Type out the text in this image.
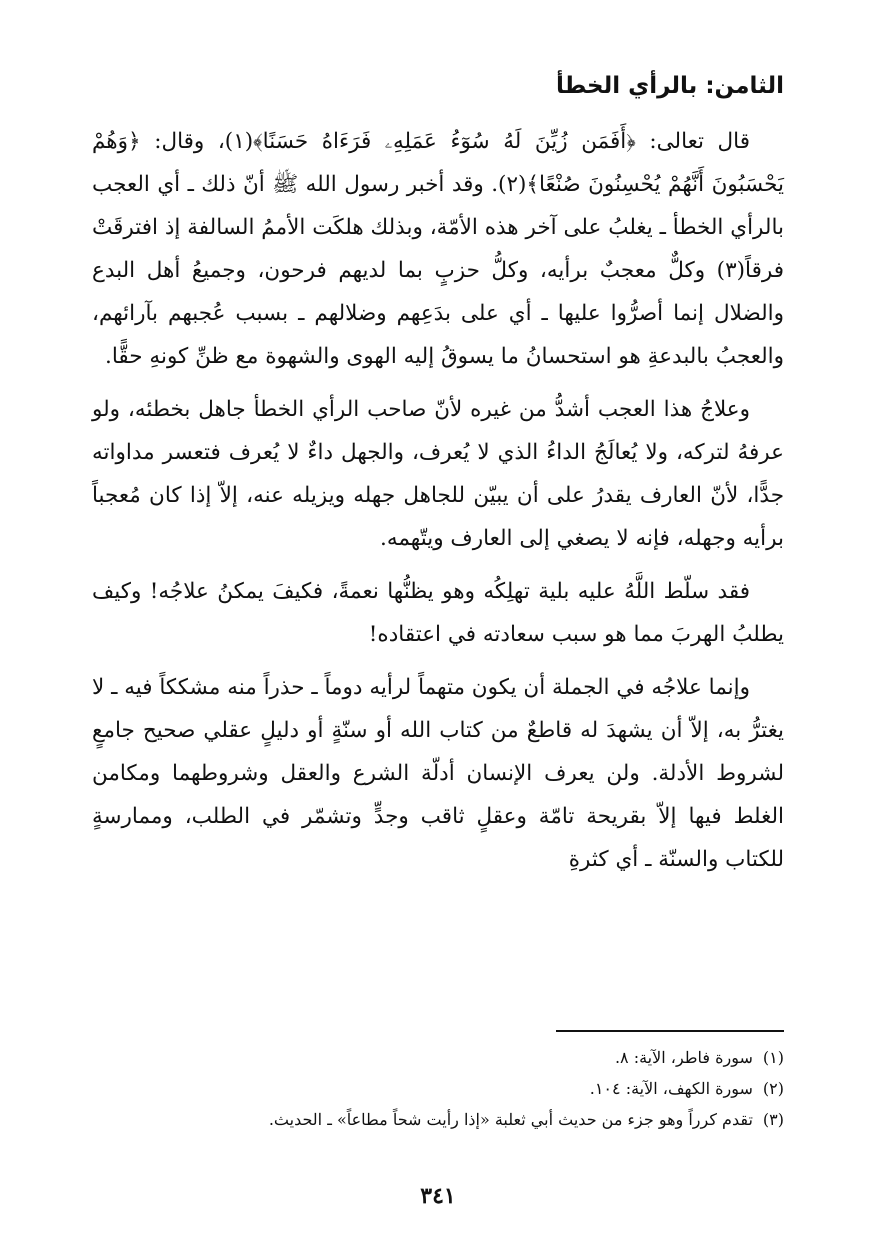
الثامن: بالرأي الخطأ

قال تعالى: ﴿أَفَمَن زُيِّنَ لَهُ سُوٓءُ عَمَلِهِۦ فَرَءَاهُ حَسَنًا﴾(١)، وقال: ﴿وَهُمْ يَحْسَبُونَ أَنَّهُمْ يُحْسِنُونَ صُنْعًا﴾(٢). وقد أخبر رسول الله ﷺ أنّ ذلك ـ أي العجب بالرأي الخطأ ـ يغلبُ على آخر هذه الأمّة، وبذلك هلكَت الأممُ السالفة إذ افترقَتْ فرقاً(٣) وكلٌّ معجبٌ برأيه، وكلُّ حزبٍ بما لديهم فرحون، وجميعُ أهل البدع والضلال إنما أصرُّوا عليها ـ أي على بدَعِهم وضلالهم ـ بسبب عُجبهم بآرائهم، والعجبُ بالبدعةِ هو استحسانُ ما يسوقُ إليه الهوى والشهوة مع ظنِّ كونهِ حقًّا.

وعلاجُ هذا العجب أشدُّ من غيره لأنّ صاحب الرأي الخطأ جاهل بخطئه، ولو عرفهُ لتركه، ولا يُعالَجُ الداءُ الذي لا يُعرف، والجهل داءٌ لا يُعرف فتعسر مداواته جدًّا، لأنّ العارف يقدرُ على أن يبيّن للجاهل جهله ويزيله عنه، إلاّ إذا كان مُعجباً برأيه وجهله، فإنه لا يصغي إلى العارف ويتّهمه.

فقد سلّط اللَّهُ عليه بلية تهلِكُه وهو يظنُّها نعمةً، فكيفَ يمكنُ علاجُه! وكيف يطلبُ الهربَ مما هو سبب سعادته في اعتقاده!

وإنما علاجُه في الجملة أن يكون متهماً لرأيه دوماً ـ حذراً منه مشككاً فيه ـ لا يغترُّ به، إلاّ أن يشهدَ له قاطعٌ من كتاب الله أو سنّةٍ أو دليلٍ عقلي صحيح جامعٍ لشروط الأدلة. ولن يعرف الإنسان أدلّة الشرع والعقل وشروطهما ومكامن الغلط فيها إلاّ بقريحة تامّة وعقلٍ ثاقب وجدٍّ وتشمّر في الطلب، وممارسةٍ للكتاب والسنّة ـ أي كثرةِ

(١)
سورة فاطر، الآية: ٨.
(٢)
سورة الكهف، الآية: ١٠٤.
(٣)
تقدم كرراً وهو جزء من حديث أبي ثعلبة «إذا رأيت شحاً مطاعاً» ـ الحديث.
٣٤١
